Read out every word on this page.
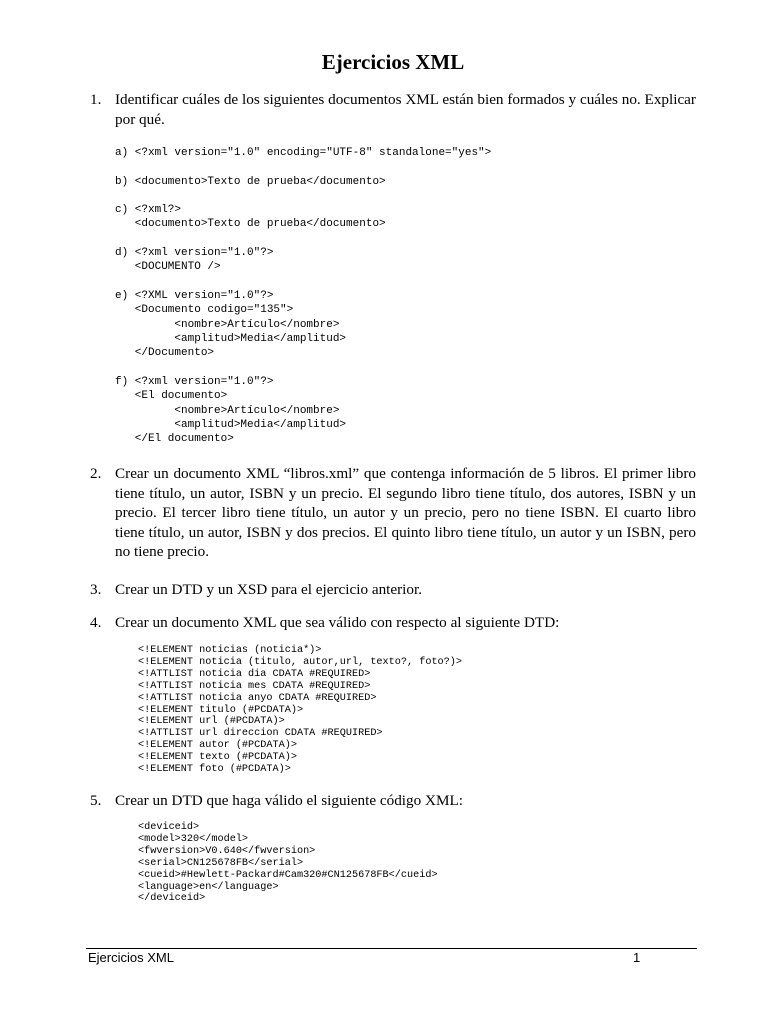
Ejercicios XML
1. Identificar cuáles de los siguientes documentos XML están bien formados y cuáles no. Explicar por qué.
a) <?xml version="1.0" encoding="UTF-8" standalone="yes">
b) <documento>Texto de prueba</documento>
c) <?xml?>
<documento>Texto de prueba</documento>
d) <?xml version="1.0"?>
<DOCUMENTO />
e) <?XML version="1.0"?>
<Documento codigo="135">
<nombre>Artículo</nombre>
<amplitud>Media</amplitud>
</Documento>
f) <?xml version="1.0"?>
<El documento>
<nombre>Artículo</nombre>
<amplitud>Media</amplitud>
</El documento>
2. Crear un documento XML “libros.xml” que contenga información de 5 libros. El primer libro tiene título, un autor, ISBN y un precio. El segundo libro tiene título, dos autores, ISBN y un precio. El tercer libro tiene título, un autor y un precio, pero no tiene ISBN. El cuarto libro tiene título, un autor, ISBN y dos precios. El quinto libro tiene título, un autor y un ISBN, pero no tiene precio.
3. Crear un DTD y un XSD para el ejercicio anterior.
4. Crear un documento XML que sea válido con respecto al siguiente DTD:
<!ELEMENT noticias (noticia*)>
<!ELEMENT noticia (titulo, autor,url, texto?, foto?)>
<!ATTLIST noticia dia CDATA #REQUIRED>
<!ATTLIST noticia mes CDATA #REQUIRED>
<!ATTLIST noticia anyo CDATA #REQUIRED>
<!ELEMENT titulo (#PCDATA)>
<!ELEMENT url (#PCDATA)>
<!ATTLIST url direccion CDATA #REQUIRED>
<!ELEMENT autor (#PCDATA)>
<!ELEMENT texto (#PCDATA)>
<!ELEMENT foto (#PCDATA)>
5. Crear un DTD que haga válido el siguiente código XML:
<deviceid>
<model>320</model>
<fwversion>V0.640</fwversion>
<serial>CN125678FB</serial>
<cueid>#Hewlett-Packard#Cam320#CN125678FB</cueid>
<language>en</language>
</deviceid>
Ejercicios XML	1
